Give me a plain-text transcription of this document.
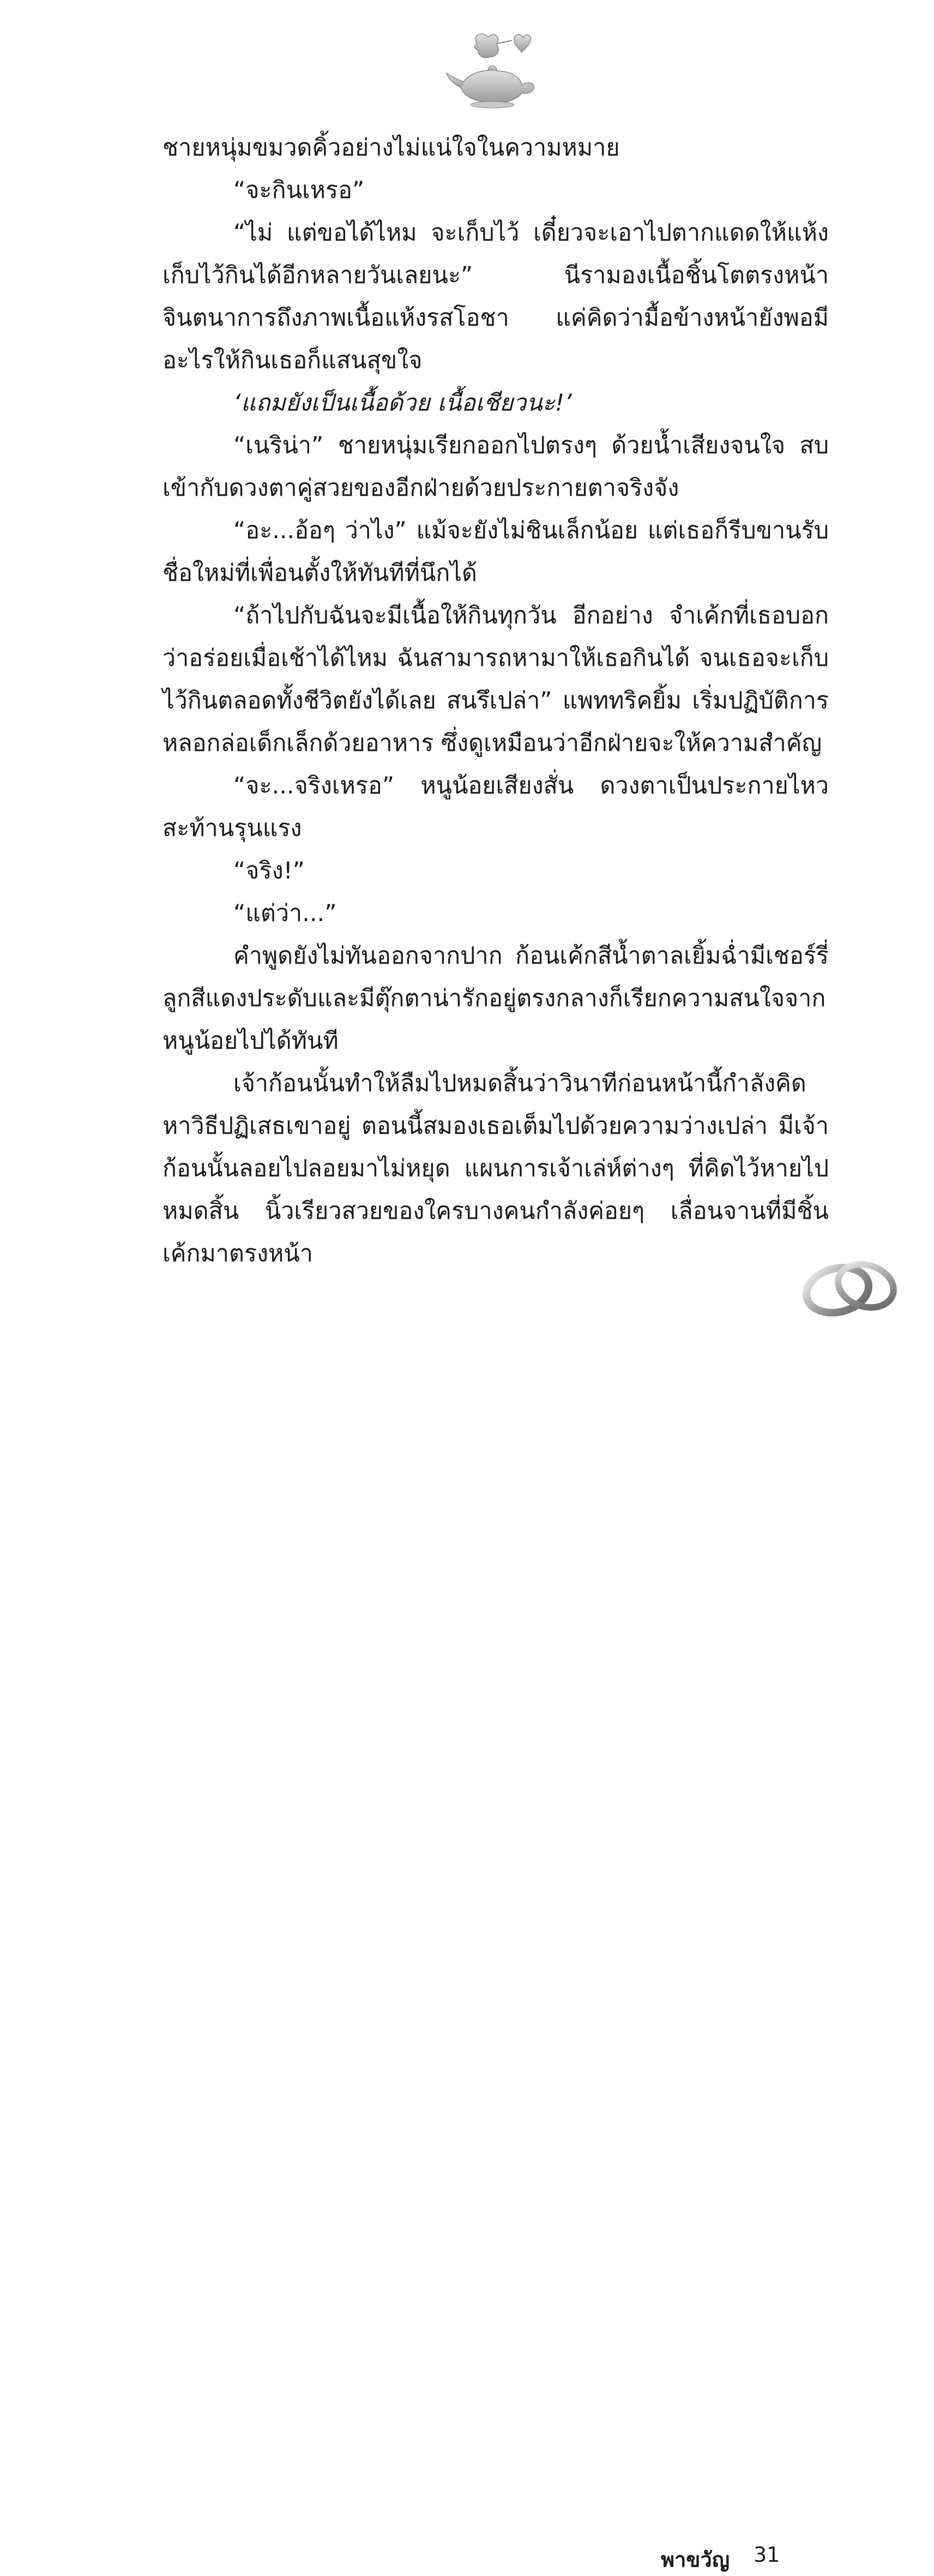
ชายหนุ่มขมวดคิ้วอย่างไม่แน่ใจในความหมาย

“จะกินเหรอ”

“ไม่ แต่ขอได้ไหม จะเก็บไว้ เดี๋ยวจะเอาไปตากแดดให้แห้ง เก็บไว้กินได้อีกหลายวันเลยนะ” นีรามองเนื้อชิ้นโตตรงหน้า จินตนาการถึงภาพเนื้อแห้งรสโอชา แค่คิดว่ามื้อข้างหน้ายังพอมีอะไรให้กินเธอก็แสนสุขใจ

‘แถมยังเป็นเนื้อด้วย เนื้อเชียวนะ!’

“เนริน่า” ชายหนุ่มเรียกออกไปตรงๆ ด้วยน้ำเสียงจนใจ สบเข้ากับดวงตาคู่สวยของอีกฝ่ายด้วยประกายตาจริงจัง

“อะ...อ้อๆ ว่าไง” แม้จะยังไม่ชินเล็กน้อย แต่เธอก็รีบขานรับชื่อใหม่ที่เพื่อนตั้งให้ทันทีที่นึกได้

“ถ้าไปกับฉันจะมีเนื้อให้กินทุกวัน อีกอย่าง จำเค้กที่เธอบอกว่าอร่อยเมื่อเช้าได้ไหม ฉันสามารถหามาให้เธอกินได้ จนเธอจะเก็บไว้กินตลอดทั้งชีวิตยังได้เลย สนรึเปล่า” แพททริคยิ้ม เริ่มปฏิบัติการหลอกล่อเด็กเล็กด้วยอาหาร ซึ่งดูเหมือนว่าอีกฝ่ายจะให้ความสำคัญ

“จะ...จริงเหรอ” หนูน้อยเสียงสั่น ดวงตาเป็นประกายไหวสะท้านรุนแรง

“จริง!”

“แต่ว่า...”

คำพูดยังไม่ทันออกจากปาก ก้อนเค้กสีน้ำตาลเยิ้มฉ่ำมีเชอร์รี่ลูกสีแดงประดับและมีตุ๊กตาน่ารักอยู่ตรงกลางก็เรียกความสนใจจากหนูน้อยไปได้ทันที

เจ้าก้อนนั้นทำให้ลืมไปหมดสิ้นว่าวินาทีก่อนหน้านี้กำลังคิดหาวิธีปฏิเสธเขาอยู่ ตอนนี้สมองเธอเต็มไปด้วยความว่างเปล่า มีเจ้าก้อนนั้นลอยไปลอยมาไม่หยุด แผนการเจ้าเล่ห์ต่างๆ ที่คิดไว้หายไปหมดสิ้น นิ้วเรียวสวยของใครบางคนกำลังค่อยๆ เลื่อนจานที่มีชิ้นเค้กมาตรงหน้า

พาขวัญ 31
